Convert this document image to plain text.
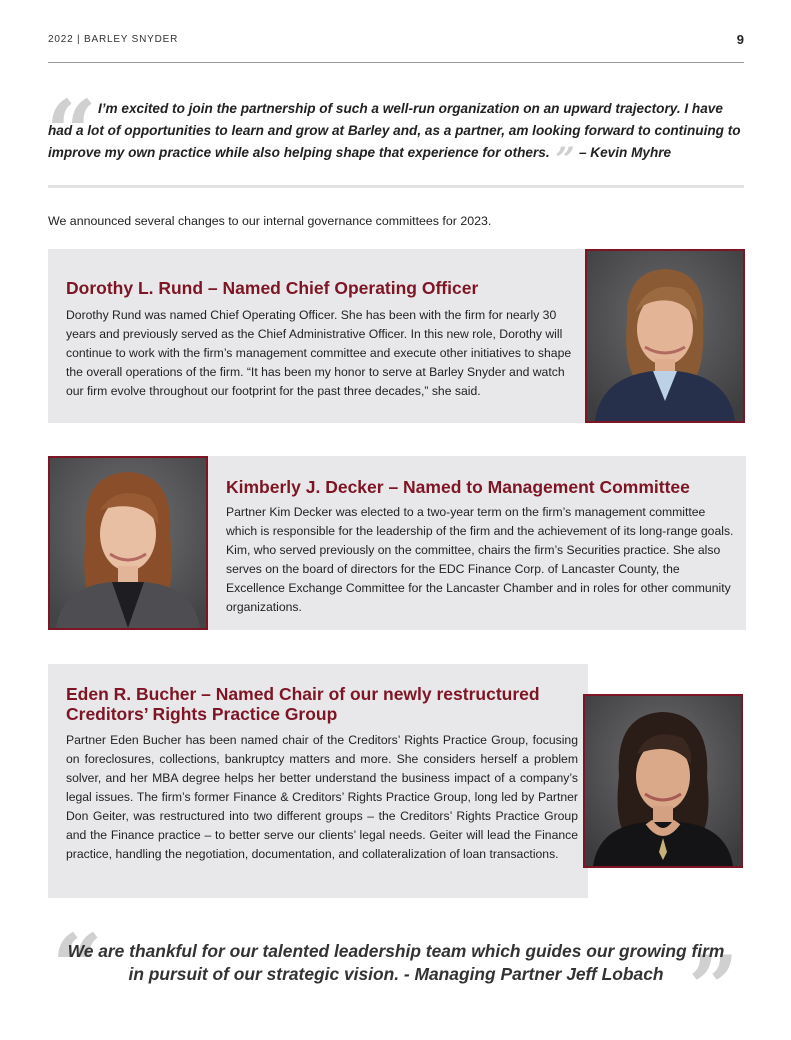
2022 | BARLEY SNYDER	9
“ I’m excited to join the partnership of such a well-run organization on an upward trajectory. I have had a lot of opportunities to learn and grow at Barley and, as a partner, am looking forward to continuing to improve my own practice while also helping shape that experience for others. ” – Kevin Myhre
We announced several changes to our internal governance committees for 2023.
Dorothy L. Rund – Named Chief Operating Officer

Dorothy Rund was named Chief Operating Officer. She has been with the firm for nearly 30 years and previously served as the Chief Administrative Officer. In this new role, Dorothy will continue to work with the firm’s management committee and execute other initiatives to shape the overall operations of the firm. “It has been my honor to serve at Barley Snyder and watch our firm evolve throughout our footprint for the past three decades,” she said.

Kimberly J. Decker – Named to Management Committee

Partner Kim Decker was elected to a two-year term on the firm’s management committee which is responsible for the leadership of the firm and the achievement of its long-range goals. Kim, who served previously on the committee, chairs the firm’s Securities practice. She also serves on the board of directors for the EDC Finance Corp. of Lancaster County, the Excellence Exchange Committee for the Lancaster Chamber and in roles for other community organizations.

Eden R. Bucher – Named Chair of our newly restructured Creditors’ Rights Practice Group

Partner Eden Bucher has been named chair of the Creditors’ Rights Practice Group, focusing on foreclosures, collections, bankruptcy matters and more. She considers herself a problem solver, and her MBA degree helps her better understand the business impact of a company’s legal issues. The firm’s former Finance & Creditors’ Rights Practice Group, long led by Partner Don Geiter, was restructured into two different groups – the Creditors’ Rights Practice Group and the Finance practice – to better serve our clients’ legal needs. Geiter will lead the Finance practice, handling the negotiation, documentation, and collateralization of loan transactions.

“	”
We are thankful for our talented leadership team which guides our growing firm in pursuit of our strategic vision. - Managing Partner Jeff Lobach
